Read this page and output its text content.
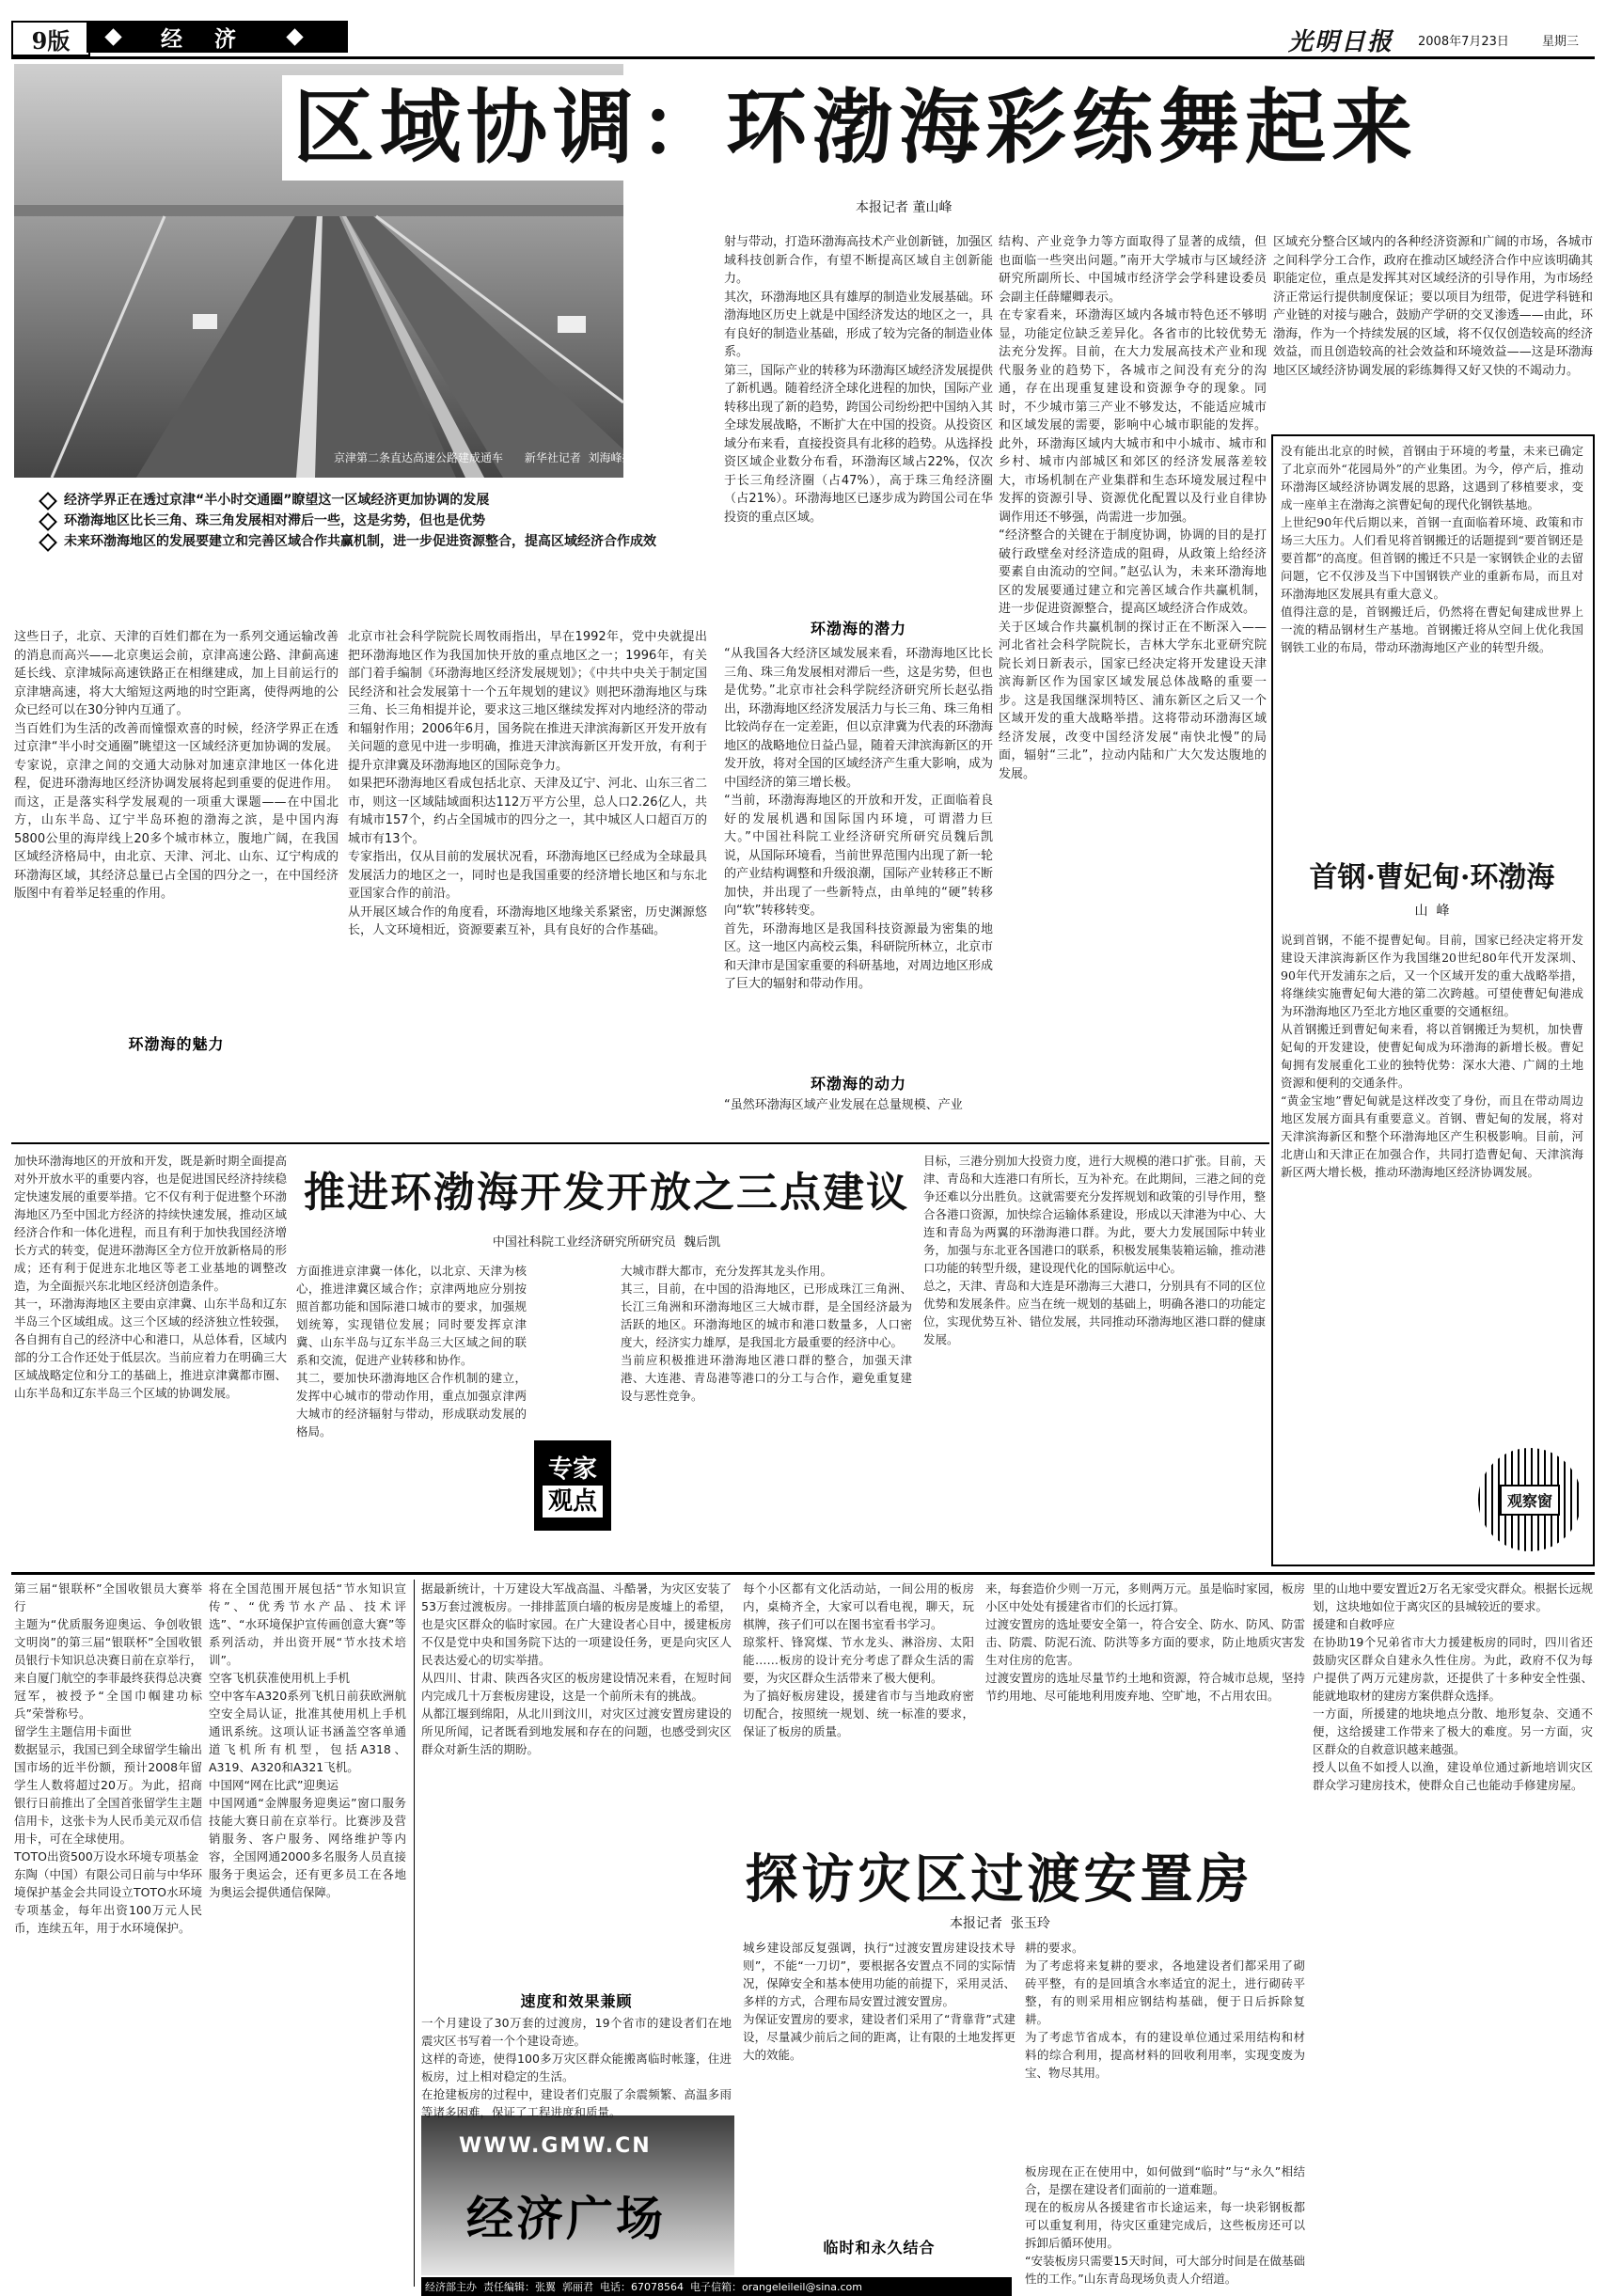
9版	经  济	光明日报 2008年7月23日	星期三
京津第二条直达高速公路建成通车      新华社记者  刘海峰摄
区域协调：环渤海彩练舞起来
本报记者 董山峰
射与带动，打造环渤海高技术产业创新链，加强区域科技创新合作，有望不断提高区域自主创新能力。
其次，环渤海地区具有雄厚的制造业发展基础。环渤海地区历史上就是中国经济发达的地区之一，具有良好的制造业基础，形成了较为完备的制造业体系。
第三，国际产业的转移为环渤海区域经济发展提供了新机遇。随着经济全球化进程的加快，国际产业转移出现了新的趋势，跨国公司纷纷把中国纳入其全球发展战略，不断扩大在中国的投资。从投资区域分布来看，直接投资具有北移的趋势。从选择投资区域企业数分布看，环渤海区域占22%，仅次于长三角经济圈（占47%），高于珠三角经济圈（占21%）。环渤海地区已逐步成为跨国公司在华投资的重点区域。
结构、产业竞争力等方面取得了显著的成绩，但也面临一些突出问题。”南开大学城市与区域经济研究所副所长、中国城市经济学会学科建设委员会副主任薛耀卿表示。
在专家看来，环渤海区域内各城市特色还不够明显，功能定位缺乏差异化。各省市的比较优势无法充分发挥。目前，在大力发展高技术产业和现代服务业的趋势下，各城市之间没有充分的沟通，存在出现重复建设和资源争夺的现象。同时，不少城市第三产业不够发达，不能适应城市和区域发展的需要，影响中心城市职能的发挥。此外，环渤海区域内大城市和中小城市、城市和乡村、城市内部城区和郊区的经济发展落差较大，市场机制在产业集群和生态环境发展过程中发挥的资源引导、资源优化配置以及行业自律协调作用还不够强，尚需进一步加强。
“经济整合的关键在于制度协调，协调的目的是打破行政壁垒对经济造成的阻碍，从政策上给经济要素自由流动的空间。”赵弘认为，未来环渤海地区的发展要通过建立和完善区域合作共赢机制，进一步促进资源整合，提高区域经济合作成效。
关于区域合作共赢机制的探讨正在不断深入——河北省社会科学院院长，吉林大学东北亚研究院院长刘日新表示，国家已经决定将开发建设天津滨海新区作为国家区域发展总体战略的重要一步。这是我国继深圳特区、浦东新区之后又一个区域开发的重大战略举措。这将带动环渤海区域经济发展，改变中国经济发展“南快北慢”的局面，辐射“三北”，拉动内陆和广大欠发达腹地的发展。
区域充分整合区域内的各种经济资源和广阔的市场，各城市之间科学分工合作，政府在推动区域经济合作中应该明确其职能定位，重点是发挥其对区域经济的引导作用，为市场经济正常运行提供制度保证；要以项目为纽带，促进学科链和产业链的对接与融合，鼓励产学研的交叉渗透——由此，环渤海，作为一个持续发展的区域，将不仅仅创造较高的经济效益，而且创造较高的社会效益和环境效益——这是环渤海地区区域经济协调发展的彩练舞得又好又快的不竭动力。
经济学界正在透过京津“半小时交通圈”瞭望这一区域经济更加协调的发展
环渤海地区比长三角、珠三角发展相对滞后一些，这是劣势，但也是优势
未来环渤海地区的发展要建立和完善区域合作共赢机制，进一步促进资源整合，提高区域经济合作成效
环渤海的潜力
这些日子，北京、天津的百姓们都在为一系列交通运输改善的消息而高兴——北京奥运会前，京津高速公路、津蓟高速延长线、京津城际高速铁路正在相继建成，加上目前运行的京津塘高速，将大大缩短这两地的时空距离，使得两地的公众已经可以在30分钟内互通了。
当百姓们为生活的改善而憧憬欢喜的时候，经济学界正在透过京津“半小时交通圈”眺望这一区域经济更加协调的发展。专家说，京津之间的交通大动脉对加速京津地区一体化进程，促进环渤海地区经济协调发展将起到重要的促进作用。而这，正是落实科学发展观的一项重大课题——在中国北方，山东半岛、辽宁半岛环抱的渤海之滨，是中国内海5800公里的海岸线上20多个城市林立，腹地广阔，在我国区域经济格局中，由北京、天津、河北、山东、辽宁构成的环渤海区域，其经济总量已占全国的四分之一，在中国经济版图中有着举足轻重的作用。
环渤海的魅力
北京市社会科学院院长周牧雨指出，早在1992年，党中央就提出把环渤海地区作为我国加快开放的重点地区之一；1996年，有关部门着手编制《环渤海地区经济发展规划》；《中共中央关于制定国民经济和社会发展第十一个五年规划的建议》则把环渤海地区与珠三角、长三角相提并论，要求这三地区继续发挥对内地经济的带动和辐射作用；2006年6月，国务院在推进天津滨海新区开发开放有关问题的意见中进一步明确，推进天津滨海新区开发开放，有利于提升京津冀及环渤海地区的国际竞争力。
如果把环渤海地区看成包括北京、天津及辽宁、河北、山东三省二市，则这一区域陆域面积达112万平方公里，总人口2.26亿人，共有城市157个，约占全国城市的四分之一，其中城区人口超百万的城市有13个。
专家指出，仅从目前的发展状况看，环渤海地区已经成为全球最具发展活力的地区之一，同时也是我国重要的经济增长地区和与东北亚国家合作的前沿。
从开展区域合作的角度看，环渤海地区地缘关系紧密，历史渊源悠长，人文环境相近，资源要素互补，具有良好的合作基础。
“从我国各大经济区域发展来看，环渤海地区比长三角、珠三角发展相对滞后一些，这是劣势，但也是优势。”北京市社会科学院经济研究所长赵弘指出，环渤海地区经济发展活力与长三角、珠三角相比较尚存在一定差距，但以京津冀为代表的环渤海地区的战略地位日益凸显，随着天津滨海新区的开发开放，将对全国的区域经济产生重大影响，成为中国经济的第三增长极。
“当前，环渤海海地区的开放和开发，正面临着良好的发展机遇和国际国内环境，可谓潜力巨大。”中国社科院工业经济研究所研究员魏后凯说，从国际环境看，当前世界范围内出现了新一轮的产业结构调整和升级浪潮，国际产业转移正不断加快，并出现了一些新特点，由单纯的“硬”转移向“软”转移转变。
首先，环渤海地区是我国科技资源最为密集的地区。这一地区内高校云集，科研院所林立，北京市和天津市是国家重要的科研基地，对周边地区形成了巨大的辐射和带动作用。
环渤海的动力
“虽然环渤海区域产业发展在总量规模、产业
没有能出北京的时候，首钢由于环境的考量，未来已确定了北京而外“花园局外”的产业集团。为今，停产后，推动环渤海区域经济协调发展的思路，这遇到了移植要求，变成一座单主在渤海之滨曹妃甸的现代化钢铁基地。
上世纪90年代后期以来，首钢一直面临着环境、政策和市场三大压力。人们看见将首钢搬迁的话题提到“要首钢还是要首都”的高度。但首钢的搬迁不只是一家钢铁企业的去留问题，它不仅涉及当下中国钢铁产业的重新布局，而且对环渤海地区发展具有重大意义。
值得注意的是，首钢搬迁后，仍然将在曹妃甸建成世界上一流的精品钢材生产基地。首钢搬迁将从空间上优化我国钢铁工业的布局，带动环渤海地区产业的转型升级。
首钢·曹妃甸·环渤海
山  峰
说到首钢，不能不提曹妃甸。目前，国家已经决定将开发建设天津滨海新区作为我国继20世纪80年代开发深圳、90年代开发浦东之后，又一个区域开发的重大战略举措，将继续实施曹妃甸大港的第二次跨越。可望使曹妃甸港成为环渤海地区乃至北方地区重要的交通枢纽。
从首钢搬迁到曹妃甸来看，将以首钢搬迁为契机，加快曹妃甸的开发建设，使曹妃甸成为环渤海的新增长极。曹妃甸拥有发展重化工业的独特优势：深水大港、广阔的土地资源和便利的交通条件。
“黄金宝地”曹妃甸就是这样改变了身份，而且在带动周边地区发展方面具有重要意义。首钢、曹妃甸的发展，将对天津滨海新区和整个环渤海地区产生积极影响。目前，河北唐山和天津正在加强合作，共同打造曹妃甸、天津滨海新区两大增长极，推动环渤海地区经济协调发展。
观察窗
加快环渤海地区的开放和开发，既是新时期全面提高对外开放水平的重要内容，也是促进国民经济持续稳定快速发展的重要举措。它不仅有利于促进整个环渤海地区乃至中国北方经济的持续快速发展，推动区域经济合作和一体化进程，而且有利于加快我国经济增长方式的转变，促进环渤海区全方位开放新格局的形成；还有利于促进东北地区等老工业基地的调整改造，为全面振兴东北地区经济创造条件。
其一，环渤海海地区主要由京津冀、山东半岛和辽东半岛三个区域组成。这三个区域的经济独立性较强，各自拥有自己的经济中心和港口，从总体看，区域内部的分工合作还处于低层次。当前应着力在明确三大区域战略定位和分工的基础上，推进京津冀都市圈、山东半岛和辽东半岛三个区域的协调发展。
推进环渤海开发开放之三点建议
中国社科院工业经济研究所研究员  魏后凯
方面推进京津冀一体化，以北京、天津为核心，推进津冀区域合作；京津两地应分别按照首都功能和国际港口城市的要求，加强规划统筹，实现错位发展；同时要发挥京津冀、山东半岛与辽东半岛三大区域之间的联系和交流，促进产业转移和协作。
其二，要加快环渤海地区合作机制的建立，发挥中心城市的带动作用，重点加强京津两大城市的经济辐射与带动，形成联动发展的格局。
专家
观点
大城市群大都市，充分发挥其龙头作用。
其三，目前，在中国的沿海地区，已形成珠江三角洲、长江三角洲和环渤海地区三大城市群，是全国经济最为活跃的地区。环渤海地区的城市和港口数量多，人口密度大，经济实力雄厚，是我国北方最重要的经济中心。
当前应积极推进环渤海地区港口群的整合，加强天津港、大连港、青岛港等港口的分工与合作，避免重复建设与恶性竞争。
目标，三港分别加大投资力度，进行大规模的港口扩张。目前，天津、青岛和大连港口有所长，互为补充。在此期间，三港之间的竞争还难以分出胜负。这就需要充分发挥规划和政策的引导作用，整合各港口资源，加快综合运输体系建设，形成以天津港为中心、大连和青岛为两翼的环渤海港口群。为此，要大力发展国际中转业务，加强与东北亚各国港口的联系，积极发展集装箱运输，推动港口功能的转型升级，建设现代化的国际航运中心。
总之，天津、青岛和大连是环渤海三大港口，分别具有不同的区位优势和发展条件。应当在统一规划的基础上，明确各港口的功能定位，实现优势互补、错位发展，共同推动环渤海地区港口群的健康发展。
第三届“银联杯”全国收银员大赛举行
主题为“优质服务迎奥运、争创收银文明岗”的第三届“银联杯”全国收银员银行卡知识总决赛日前在京举行，来自厦门航空的李菲最终获得总决赛冠军，被授予“全国巾帼建功标兵”荣誉称号。
留学生主题信用卡面世
数据显示，我国已到全球留学生输出国市场的近半份额，预计2008年留学生人数将超过20万。为此，招商银行日前推出了全国首张留学生主题信用卡，这张卡为人民币美元双币信用卡，可在全球使用。
TOTO出资500万设水环境专项基金
东陶（中国）有限公司日前与中华环境保护基金会共同设立TOTO水环境专项基金，每年出资100万元人民币，连续五年，用于水环境保护。
将在全国范围开展包括“节水知识宣传”、“优秀节水产品、技术评选”、“水环境保护宣传画创意大赛”等系列活动，并出资开展“节水技术培训”。
空客飞机获准使用机上手机
空中客车A320系列飞机日前获欧洲航空安全局认证，批准其使用机上手机通讯系统。这项认证书涵盖空客单通道飞机所有机型，包括A318、A319、A320和A321飞机。
中国网“网在比武”迎奥运
中国网通“金牌服务迎奥运”窗口服务技能大赛日前在京举行。比赛涉及营销服务、客户服务、网络维护等内容，全国网通2000多名服务人员直接服务于奥运会，还有更多员工在各地为奥运会提供通信保障。
WWW.GMW.CN
经济广场
经济部主办  责任编辑：张翼  郭丽君  电话：67078564  电子信箱：orangeleileil@sina.com
据最新统计，十万建设大军战高温、斗酷暑，为灾区安装了53万套过渡板房。一排排蓝顶白墙的板房是废墟上的希望，也是灾区群众的临时家园。在广大建设者心目中，援建板房不仅是党中央和国务院下达的一项建设任务，更是向灾区人民表达爱心的切实举措。
从四川、甘肃、陕西各灾区的板房建设情况来看，在短时间内完成几十万套板房建设，这是一个前所未有的挑战。
从都江堰到绵阳，从北川到汶川，对灾区过渡安置房建设的所见所闻，记者既看到地发展和存在的问题，也感受到灾区群众对新生活的期盼。
每个小区都有文化活动站，一间公用的板房内，桌椅齐全，大家可以看电视，聊天，玩棋牌，孩子们可以在图书室看书学习。
琼浆杆、锋窝煤、节水龙头、淋浴房、太阳能……板房的设计充分考虑了群众生活的需要，为灾区群众生活带来了极大便利。
为了搞好板房建设，援建省市与当地政府密切配合，按照统一规划、统一标准的要求，保证了板房的质量。
来，每套造价少则一万元，多则两万元。虽是临时家园，板房小区中处处有援建省市们的长远打算。
过渡安置房的选址要安全第一，符合安全、防水、防风、防雷击、防震、防泥石流、防洪等多方面的要求，防止地质灾害发生对住房的危害。
过渡安置房的选址尽量节约土地和资源，符合城市总规，坚持节约用地、尽可能地利用废弃地、空旷地，不占用农田。
里的山地中要安置近2万名无家受灾群众。根据长远规划，这块地如位于离灾区的县城较近的要求。
援建和自救呼应
在协助19个兄弟省市大力援建板房的同时，四川省还鼓励灾区群众自建永久性住房。为此，政府不仅为每户提供了两万元建房款，还提供了十多种安全性强、能就地取材的建房方案供群众选择。
一方面，所援建的地块地点分散、地形复杂、交通不便，这给援建工作带来了极大的难度。另一方面，灾区群众的自救意识越来越强。
授人以鱼不如授人以渔，建设单位通过新地培训灾区群众学习建房技术，使群众自己也能动手修建房屋。
探访灾区过渡安置房
本报记者  张玉玲
速度和效果兼顾
一个月建设了30万套的过渡房，19个省市的建设者们在地震灾区书写着一个个建设奇迹。
这样的奇迹，使得100多万灾区群众能搬离临时帐篷，住进板房，过上相对稳定的生活。
在抢建板房的过程中，建设者们克服了余震频繁、高温多雨等诸多困难，保证了工程进度和质量。
城乡建设部反复强调，执行“过渡安置房建设技术导则”，不能“一刀切”，要根据各安置点不同的实际情况，保障安全和基本使用功能的前提下，采用灵活、多样的方式，合理布局安置过渡安置房。
为保证安置房的要求，建设者们采用了“背靠背”式建设，尽量减少前后之间的距离，让有限的土地发挥更大的效能。
临时和永久结合
耕的要求。
为了考虑将来复耕的要求，各地建设者们都采用了砌砖平整，有的是回填含水率适宜的泥土，进行砌砖平整，有的则采用相应钢结构基础，便于日后拆除复耕。
为了考虑节省成本，有的建设单位通过采用结构和材料的综合利用，提高材料的回收利用率，实现变废为宝、物尽其用。
板房现在正在使用中，如何做到“临时”与“永久”相结合，是摆在建设者们面前的一道难题。
现在的板房从各援建省市长途运来，每一块彩钢板都可以重复利用，待灾区重建完成后，这些板房还可以拆卸后循环使用。
“安装板房只需要15天时间，可大部分时间是在做基础性的工作。”山东青岛现场负责人介绍道。
